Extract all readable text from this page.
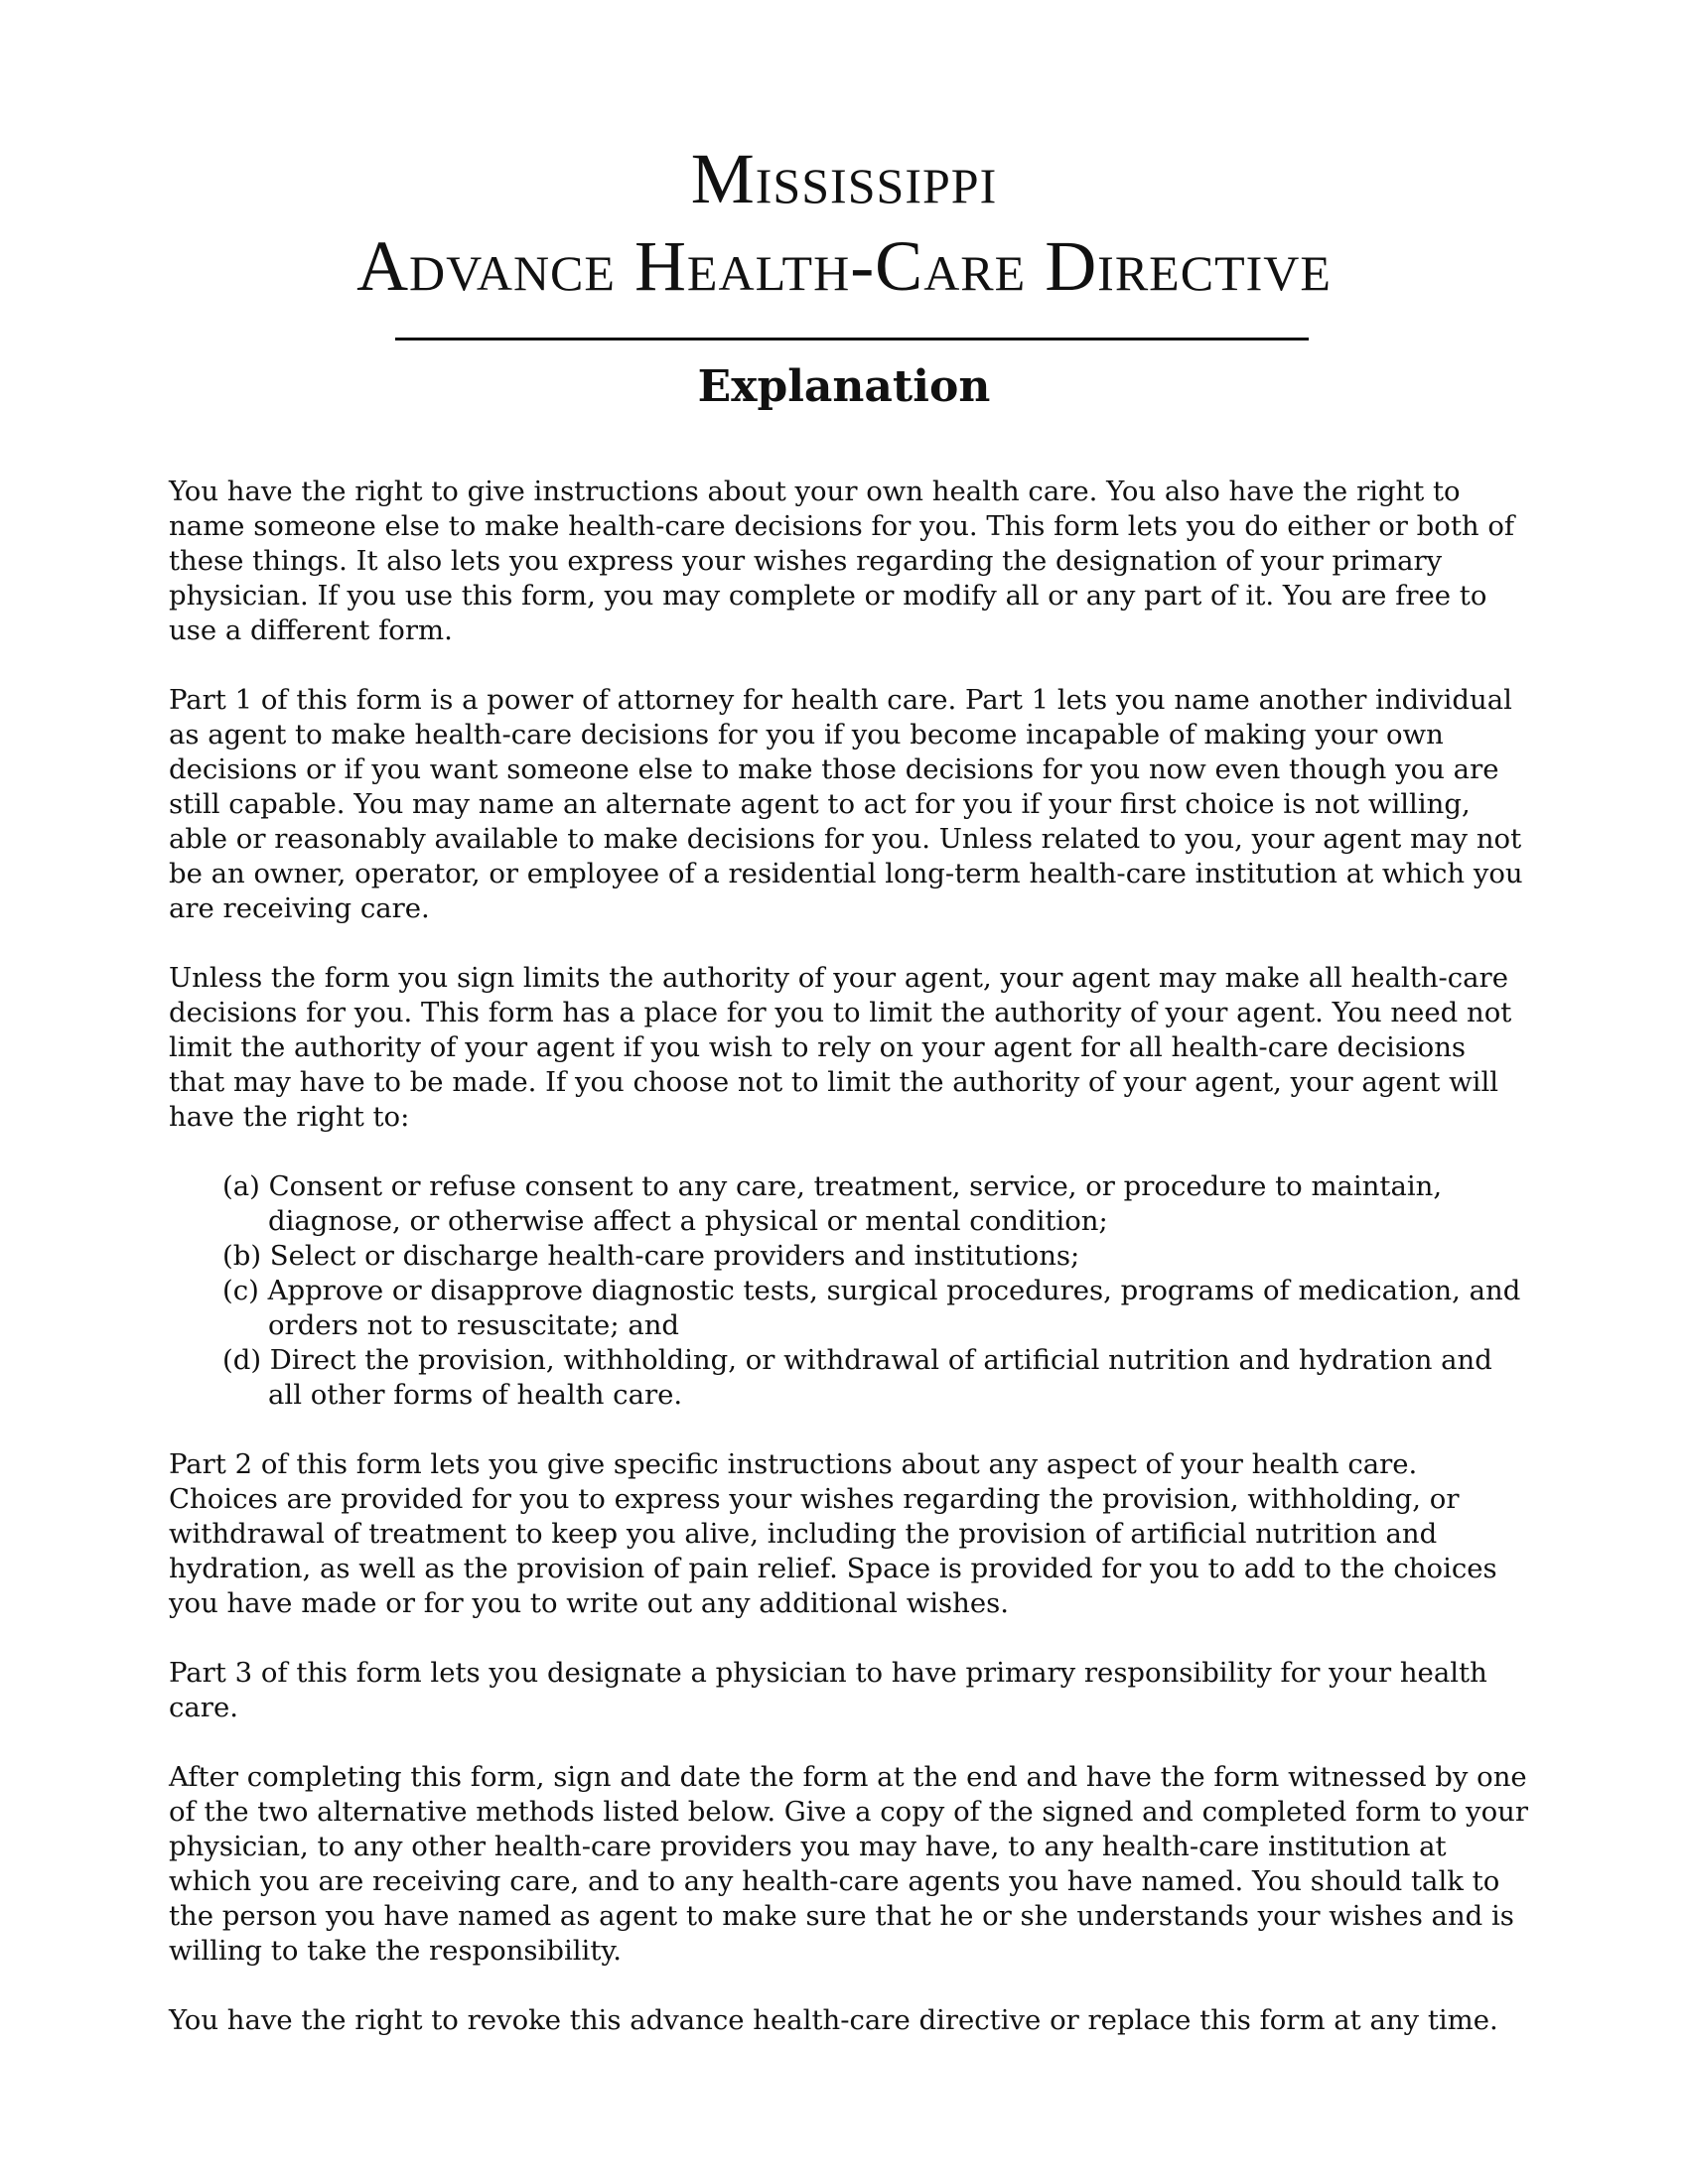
Mississippi
Advance Health-Care Directive
Explanation

You have the right to give instructions about your own health care. You also have the right to name someone else to make health-care decisions for you. This form lets you do either or both of these things. It also lets you express your wishes regarding the designation of your primary physician. If you use this form, you may complete or modify all or any part of it. You are free to use a different form.

Part 1 of this form is a power of attorney for health care. Part 1 lets you name another individual as agent to make health-care decisions for you if you become incapable of making your own decisions or if you want someone else to make those decisions for you now even though you are still capable. You may name an alternate agent to act for you if your first choice is not willing, able or reasonably available to make decisions for you. Unless related to you, your agent may not be an owner, operator, or employee of a residential long-term health-care institution at which you are receiving care.

Unless the form you sign limits the authority of your agent, your agent may make all health-care decisions for you. This form has a place for you to limit the authority of your agent. You need not limit the authority of your agent if you wish to rely on your agent for all health-care decisions that may have to be made. If you choose not to limit the authority of your agent, your agent will have the right to:

(a) Consent or refuse consent to any care, treatment, service, or procedure to maintain, diagnose, or otherwise affect a physical or mental condition;
(b) Select or discharge health-care providers and institutions;
(c) Approve or disapprove diagnostic tests, surgical procedures, programs of medication, and orders not to resuscitate; and
(d) Direct the provision, withholding, or withdrawal of artificial nutrition and hydration and all other forms of health care.

Part 2 of this form lets you give specific instructions about any aspect of your health care. Choices are provided for you to express your wishes regarding the provision, withholding, or withdrawal of treatment to keep you alive, including the provision of artificial nutrition and hydration, as well as the provision of pain relief. Space is provided for you to add to the choices you have made or for you to write out any additional wishes.

Part 3 of this form lets you designate a physician to have primary responsibility for your health care.

After completing this form, sign and date the form at the end and have the form witnessed by one of the two alternative methods listed below. Give a copy of the signed and completed form to your physician, to any other health-care providers you may have, to any health-care institution at which you are receiving care, and to any health-care agents you have named. You should talk to the person you have named as agent to make sure that he or she understands your wishes and is willing to take the responsibility.

You have the right to revoke this advance health-care directive or replace this form at any time.
